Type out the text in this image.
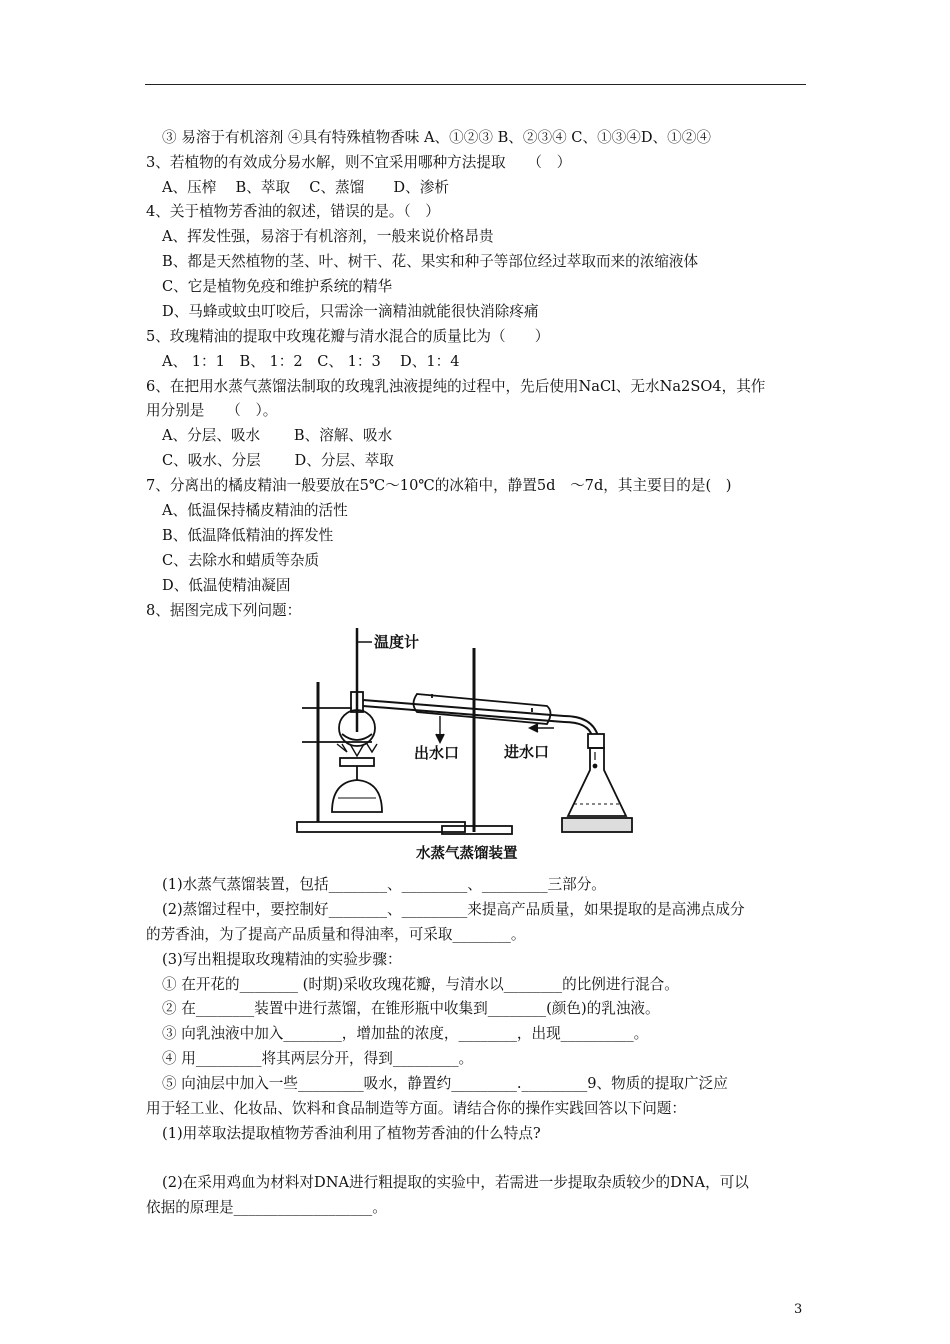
③ 易溶于有机溶剂 ④具有特殊植物香味 A、①②③ B、②③④ C、①③④D、①②④
3、若植物的有效成分易水解，则不宜采用哪种方法提取　　（　）
A、压榨　 B、萃取　 C、蒸馏　　D、渗析
4、关于植物芳香油的叙述，错误的是。（　）
A、挥发性强，易溶于有机溶剂，一般来说价格昂贵
B、都是天然植物的茎、叶、树干、花、果实和种子等部位经过萃取而来的浓缩液体
C、它是植物免疫和维护系统的精华
D、马蜂或蚊虫叮咬后，只需涂一滴精油就能很快消除疼痛
5、玫瑰精油的提取中玫瑰花瓣与清水混合的质量比为（　　）
A、 1：1　B、 1：2　C、 1：3　 D、1：4
6、在把用水蒸气蒸馏法制取的玫瑰乳浊液提纯的过程中，先后使用NaCl、无水Na2SO4，其作
用分别是　　（　）。
A、分层、吸水　　 B、溶解、吸水
C、吸水、分层　　 D、分层、萃取
7、分离出的橘皮精油一般要放在5℃～10℃的冰箱中，静置5d　～7d，其主要目的是(　)
A、低温保持橘皮精油的活性
B、低温降低精油的挥发性
C、去除水和蜡质等杂质
D、低温使精油凝固
8、据图完成下列问题：
温度计
出水口	进水口
水蒸气蒸馏装置
(1)水蒸气蒸馏装置，包括________、_________、_________三部分。
(2)蒸馏过程中，要控制好________、_________来提高产品质量，如果提取的是高沸点成分
的芳香油，为了提高产品质量和得油率，可采取________。
(3)写出粗提取玫瑰精油的实验步骤：
① 在开花的________ (时期)采收玫瑰花瓣，与清水以________的比例进行混合。
② 在________装置中进行蒸馏，在锥形瓶中收集到________(颜色)的乳浊液。
③ 向乳浊液中加入________，增加盐的浓度，________，出现__________。
④ 用_________将其两层分开，得到_________。
⑤ 向油层中加入一些_________吸水，静置约_________._________9、物质的提取广泛应
用于轻工业、化妆品、饮料和食品制造等方面。请结合你的操作实践回答以下问题：
(1)用萃取法提取植物芳香油利用了植物芳香油的什么特点?
(2)在采用鸡血为材料对DNA进行粗提取的实验中，若需进一步提取杂质较少的DNA，可以
依据的原理是___________________。
3
